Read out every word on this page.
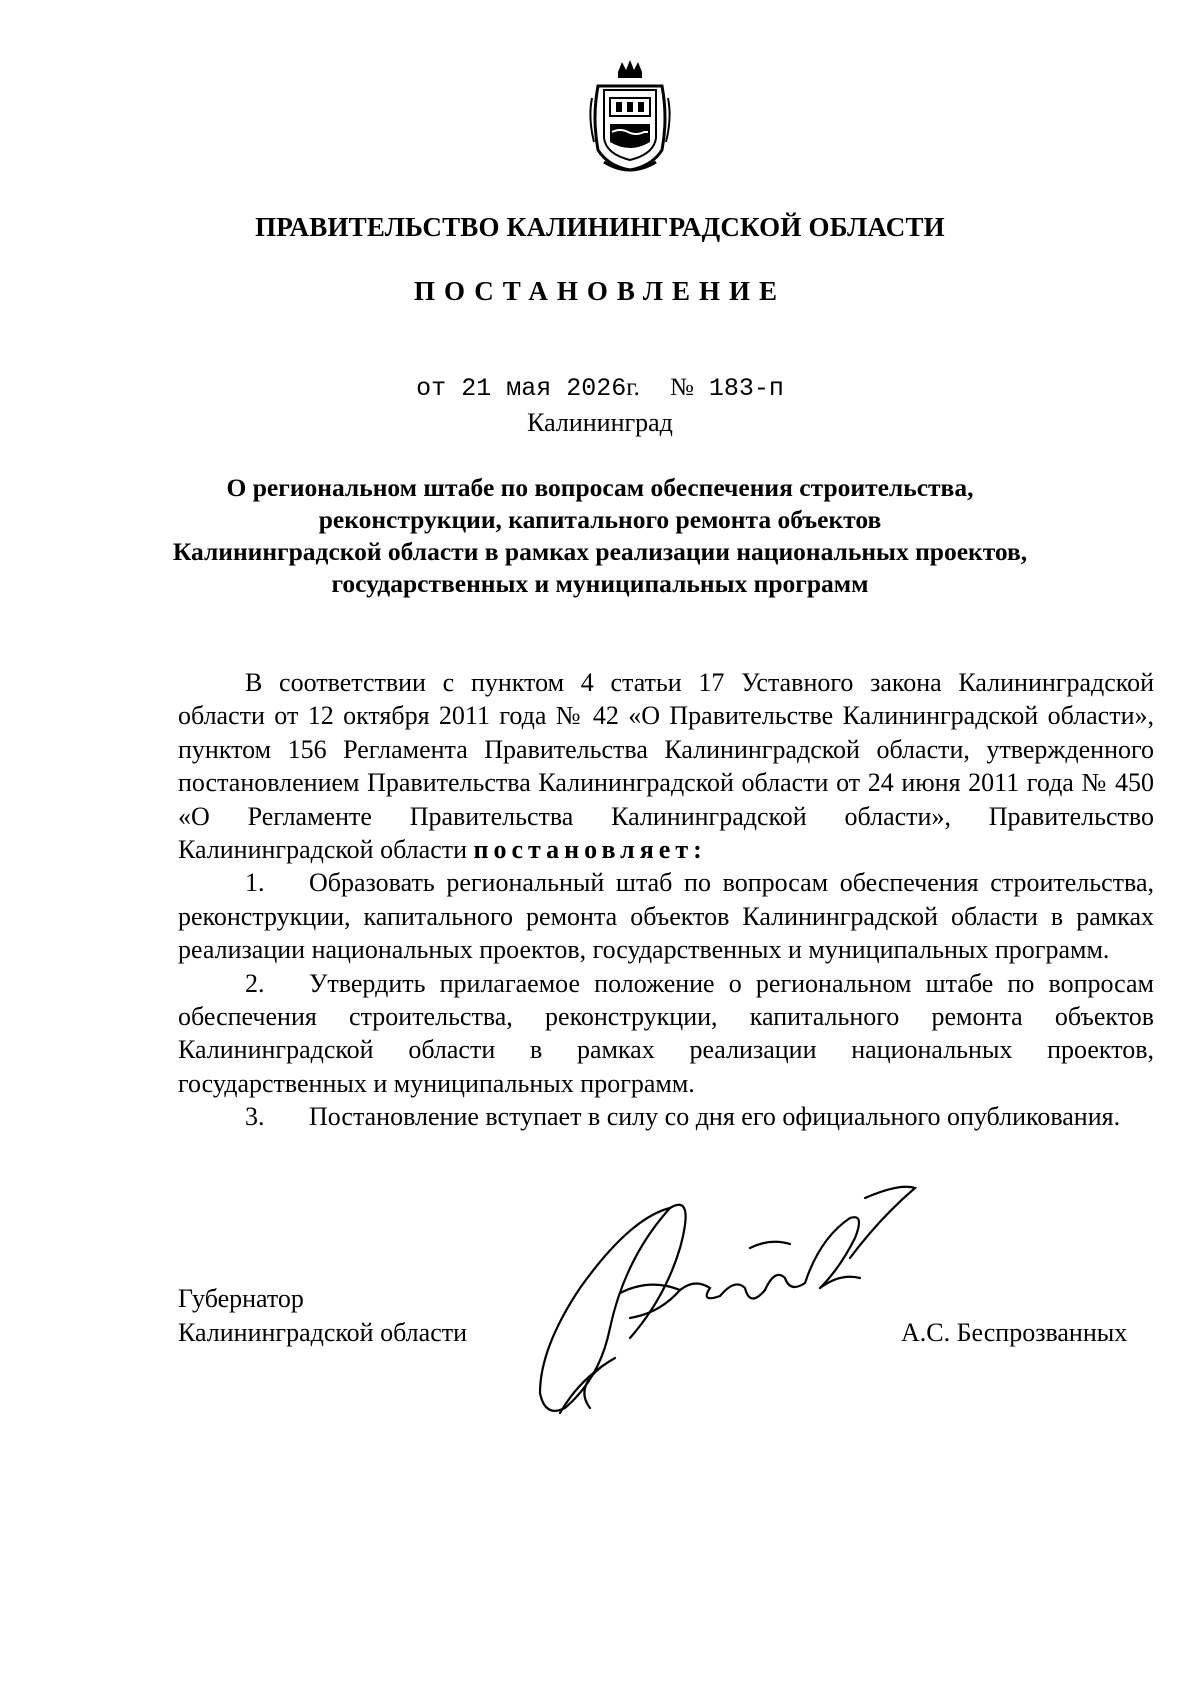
ПРАВИТЕЛЬСТВО КАЛИНИНГРАДСКОЙ ОБЛАСТИ
ПОСТАНОВЛЕНИЕ
от 21 мая 2026г. № 183-п
Калининград
О региональном штабе по вопросам обеспечения строительства,
реконструкции, капитального ремонта объектов
Калининградской области в рамках реализации национальных проектов,
государственных и муниципальных программ

В соответствии с пунктом 4 статьи 17 Уставного закона Калининградской области от 12 октября 2011 года № 42 «О Правительстве Калининградской области», пунктом 156 Регламента Правительства Калининградской области, утвержденного постановлением Правительства Калининградской области от 24 июня 2011 года № 450 «О Регламенте Правительства Калининградской области», Правительство Калининградской области постановляет:

1. Образовать региональный штаб по вопросам обеспечения строительства, реконструкции, капитального ремонта объектов Калининградской области в рамках реализации национальных проектов, государственных и муниципальных программ.

2. Утвердить прилагаемое положение о региональном штабе по вопросам обеспечения строительства, реконструкции, капитального ремонта объектов Калининградской области в рамках реализации национальных проектов, государственных и муниципальных программ.

3. Постановление вступает в силу со дня его официального опубликования.

Губернатор
Калининградской области	А.С. Беспрозванных
